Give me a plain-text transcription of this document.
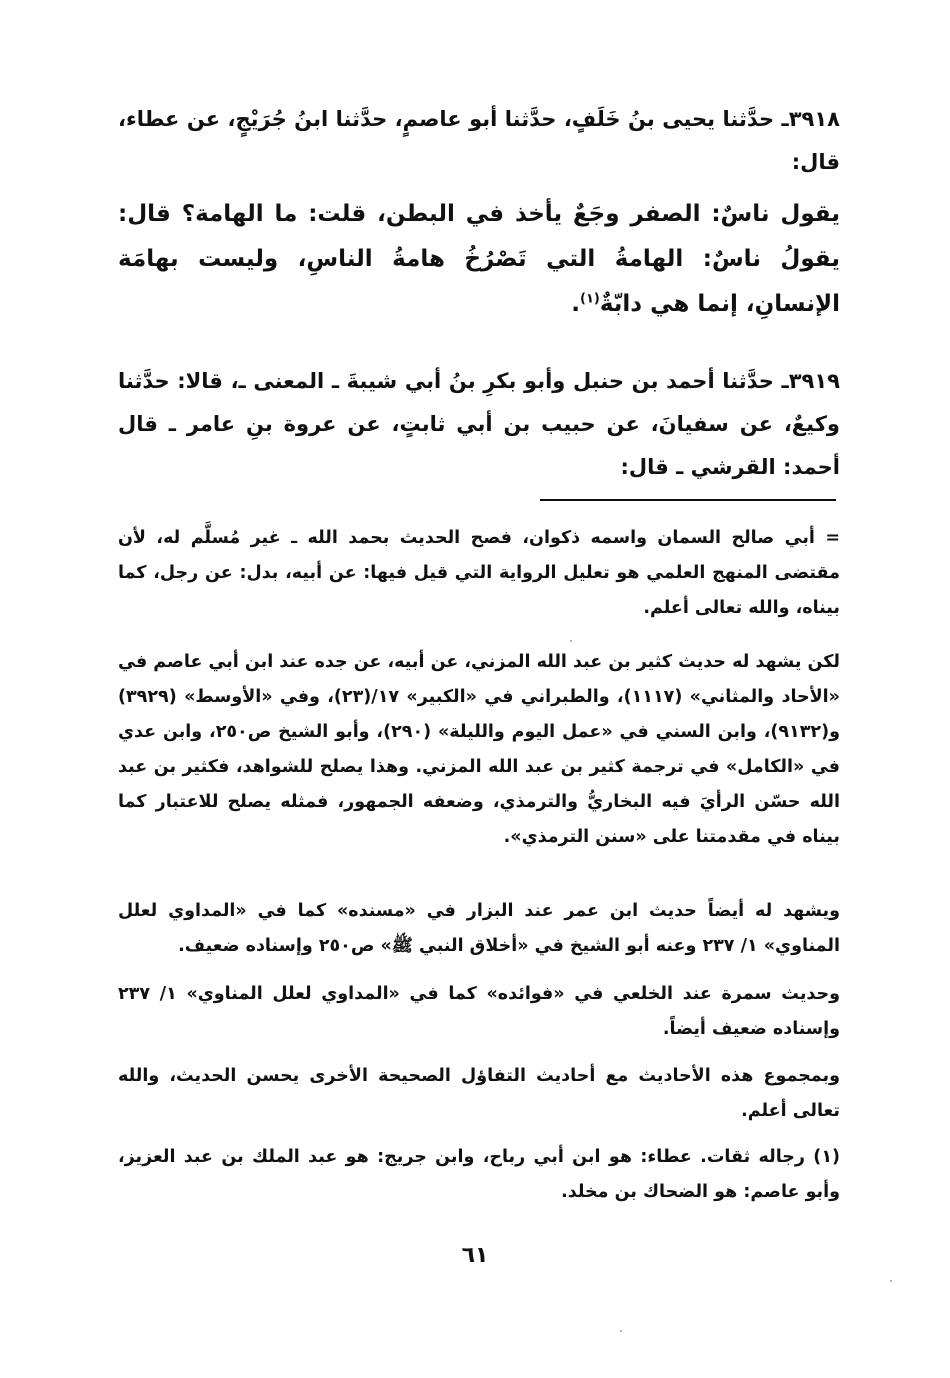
٣٩١٨ـ حدَّثنا يحيى بنُ خَلَفٍ، حدَّثنا أبو عاصمٍ، حدَّثنا ابنُ جُرَيْجٍ، عن عطاء، قال:

يقول ناسٌ: الصفر وجَعٌ يأخذ في البطن، قلت: ما الهامة؟ قال: يقولُ ناسٌ: الهامةُ التي تَصْرُخُ هامةُ الناسِ، وليست بهامَة الإنسانِ، إنما هي دابّةٌ$^{(١)}$.

٣٩١٩ـ حدَّثنا أحمد بن حنبل وأبو بكرِ بنُ أبي شيبةَ ـ المعنى ـ، قالا: حدَّثنا وكيعٌ، عن سفيانَ، عن حبيب بن أبي ثابتٍ، عن عروة بنِ عامر ـ قال أحمد: القرشي ـ قال:

= أبي صالح السمان واسمه ذكوان، فصح الحديث بحمد الله ـ غير مُسلَّم له، لأن مقتضى المنهج العلمي هو تعليل الرواية التي قيل فيها: عن أبيه، بدل: عن رجل، كما بيناه، والله تعالى أعلم.

لكن يشهد له حديث كثير بن عبد الله المزني، عن أبيه، عن جده عند ابن أبي عاصم في «الأحاد والمثاني» (١١١٧)، والطبراني في «الكبير» ١٧/(٢٣)، وفي «الأوسط» (٣٩٢٩) و(٩١٣٢)، وابن السني في «عمل اليوم والليلة» (٢٩٠)، وأبو الشيخ ص٢٥٠، وابن عدي في «الكامل» في ترجمة كثير بن عبد الله المزني. وهذا يصلح للشواهد، فكثير بن عبد الله حسّن الرأيَ فيه البخاريُّ والترمذي، وضعفه الجمهور، فمثله يصلح للاعتبار كما بيناه في مقدمتنا على «سنن الترمذي».

ويشهد له أيضاً حديث ابن عمر عند البزار في «مسنده» كما في «المداوي لعلل المناوي» ١/ ٢٣٧ وعنه أبو الشيخ في «أخلاق النبي ﷺ» ص٢٥٠ وإسناده ضعيف.

وحديث سمرة عند الخلعي في «فوائده» كما في «المداوي لعلل المناوي» ١/ ٢٣٧ وإسناده ضعيف أيضاً.

وبمجموع هذه الأحاديث مع أحاديث التفاؤل الصحيحة الأخرى يحسن الحديث، والله تعالى أعلم.

(١) رجاله ثقات. عطاء: هو ابن أبي رباح، وابن جريج: هو عبد الملك بن عبد العزيز، وأبو عاصم: هو الضحاك بن مخلد.

٦١
